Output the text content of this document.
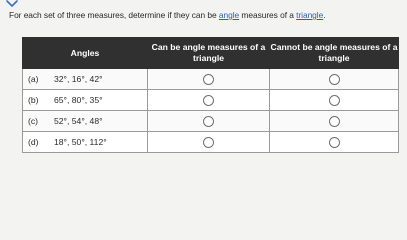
For each set of three measures, determine if they can be angle measures of a triangle.
Angles	Can be angle measures of a triangle	Cannot be angle measures of a triangle
(a) 32°, 16°, 42°		
(b) 65°, 80°, 35°		
(c) 52°, 54°, 48°		
(d) 18°, 50°, 112°		
